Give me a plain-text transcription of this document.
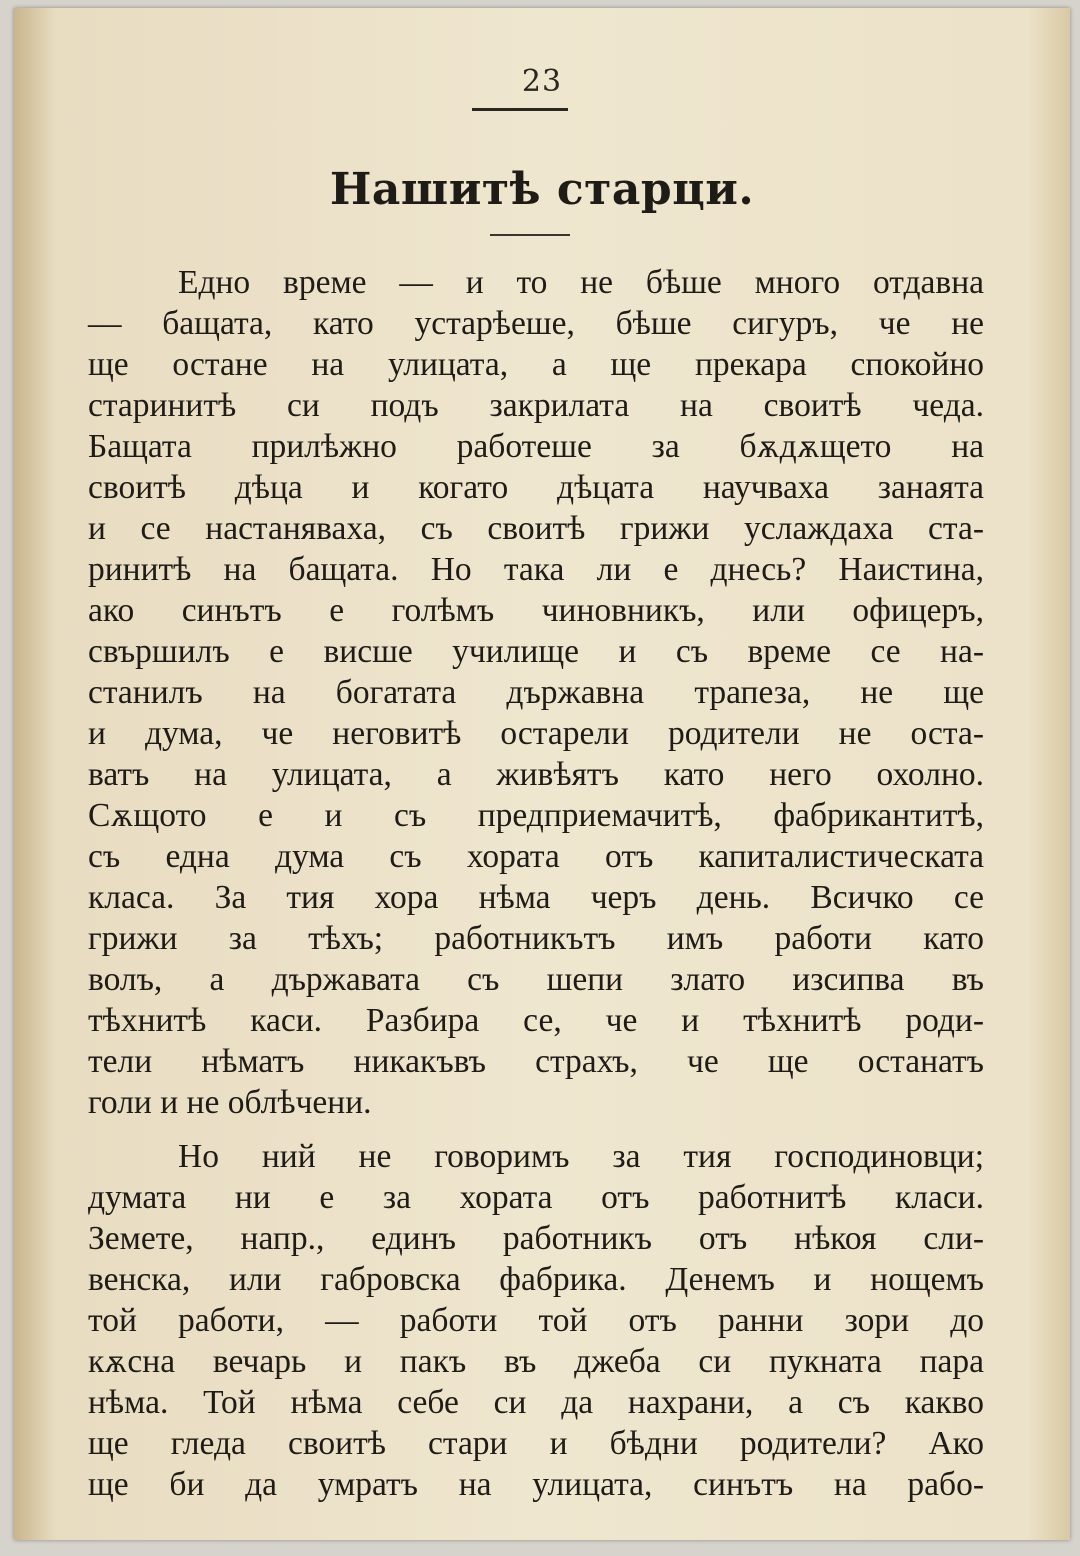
23
Нашитѣ старци.
Едно време — и то не бѣше много отдавна
— бащата, като устарѣеше, бѣше сигуръ, че не
ще остане на улицата, а ще прекара спокойно
старинитѣ си подъ закрилата на своитѣ чеда.
Бащата прилѣжно работеше за бѫдѫщето на
своитѣ дѣца и когато дѣцата научваха занаята
и се настаняваха, съ своитѣ грижи услаждаха ста-
ринитѣ на бащата. Но така ли е днесь? Наистина,
ако синътъ е голѣмъ чиновникъ, или офицеръ,
свършилъ е висше училище и съ време се на-
станилъ на богатата държавна трапеза, не ще
и дума, че неговитѣ остарели родители не оста-
ватъ на улицата, а живѣятъ като него охолно.
Сѫщото е и съ предприемачитѣ, фабрикантитѣ,
съ една дума съ хората отъ капиталистическата
класа. За тия хора нѣма черъ день. Всичко се
грижи за тѣхъ; работникътъ имъ работи като
волъ, а държавата съ шепи злато изсипва въ
тѣхнитѣ каси. Разбира се, че и тѣхнитѣ роди-
тели нѣматъ никакъвъ страхъ, че ще останатъ
голи и не облѣчени.
Но ний не говоримъ за тия господиновци;
думата ни е за хората отъ работнитѣ класи.
Земете, напр., единъ работникъ отъ нѣкоя сли-
венска, или габровска фабрика. Денемъ и нощемъ
той работи, — работи той отъ ранни зори до
кѫсна вечарь и пакъ въ джеба си пукната пара
нѣма. Той нѣма себе си да нахрани, а съ какво
ще гледа своитѣ стари и бѣдни родители? Ако
ще би да умратъ на улицата, синътъ на рабо-
